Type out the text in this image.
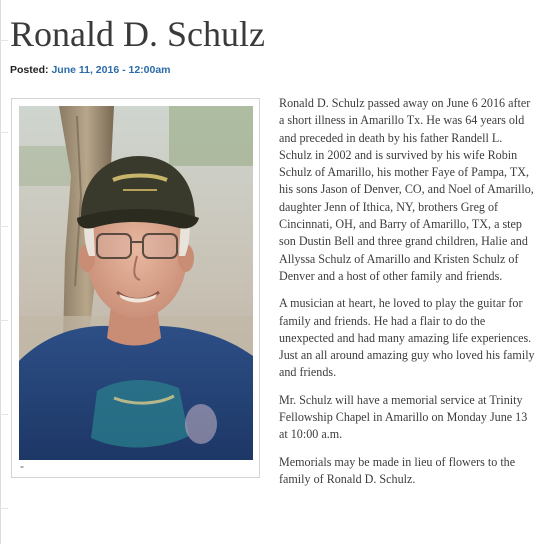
Ronald D. Schulz
Posted: June 11, 2016 - 12:00am
-

Ronald D. Schulz passed away on June 6 2016 after a short illness in Amarillo Tx. He was 64 years old and preceded in death by his father Randell L. Schulz in 2002 and is survived by his wife Robin Schulz of Amarillo, his mother Faye of Pampa, TX, his sons Jason of Denver, CO, and Noel of Amarillo, daughter Jenn of Ithica, NY, brothers Greg of Cincinnati, OH, and Barry of Amarillo, TX, a step son Dustin Bell and three grand children, Halie and Allyssa Schulz of Amarillo and Kristen Schulz of Denver and a host of other family and friends.

A musician at heart, he loved to play the guitar for family and friends. He had a flair to do the unexpected and had many amazing life experiences. Just an all around amazing guy who loved his family and friends.

Mr. Schulz will have a memorial service at Trinity Fellowship Chapel in Amarillo on Monday June 13 at 10:00 a.m.

Memorials may be made in lieu of flowers to the family of Ronald D. Schulz.
